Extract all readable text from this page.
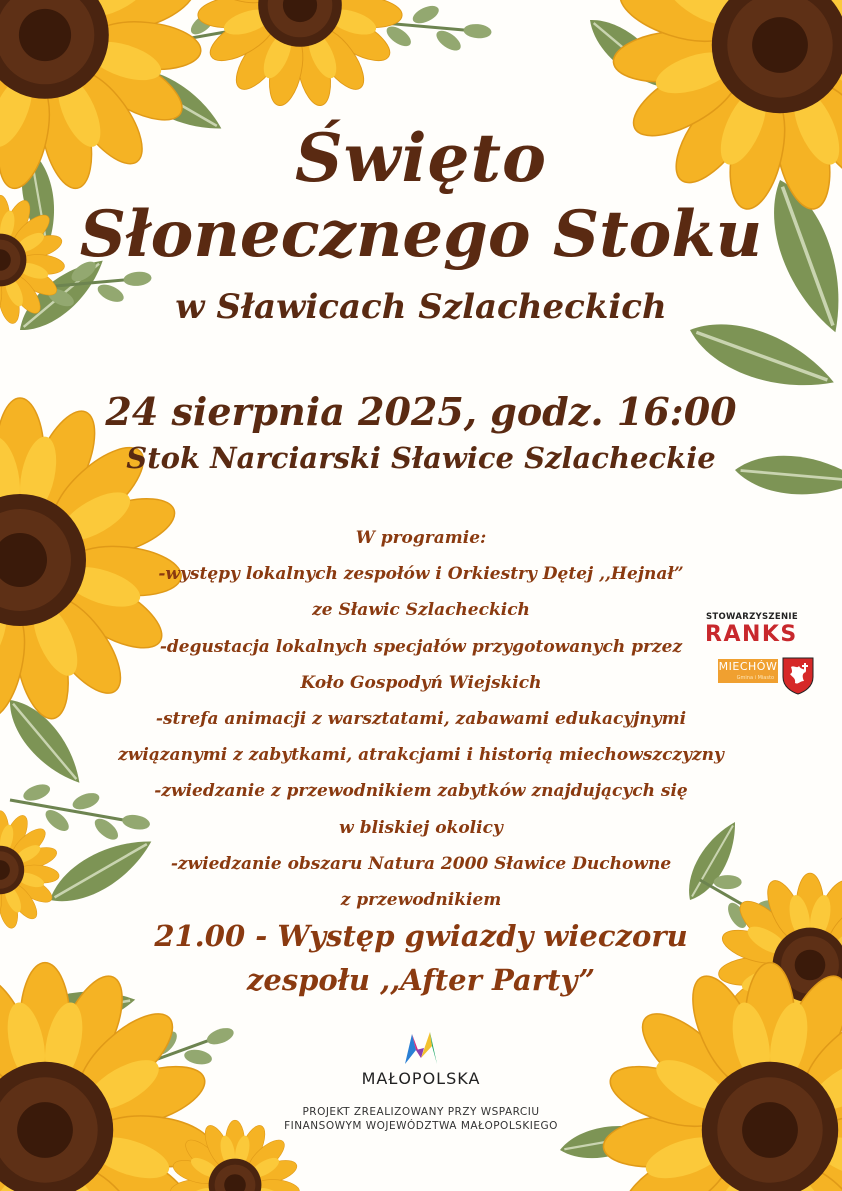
Święto
Słonecznego Stoku
w Sławicach Szlacheckich
24 sierpnia 2025, godz. 16:00
Stok Narciarski Sławice Szlacheckie
W programie:
-występy lokalnych zespołów i Orkiestry Dętej ,,Hejnał”
ze Sławic Szlacheckich
-degustacja lokalnych specjałów przygotowanych przez
Koło Gospodyń Wiejskich
-strefa animacji z warsztatami, zabawami edukacyjnymi
związanymi z zabytkami, atrakcjami i historią miechowszczyzny
-zwiedzanie z przewodnikiem zabytków znajdujących się
w bliskiej okolicy
-zwiedzanie obszaru Natura 2000 Sławice Duchowne
z przewodnikiem
21.00 - Występ gwiazdy wieczoru
zespołu ,,After Party”
STOWARZYSZENIE
RANKS
MIECHÓW
Gmina i Miasto
MAŁOPOLSKA
PROJEKT ZREALIZOWANY PRZY WSPARCIU
FINANSOWYM WOJEWÓDZTWA MAŁOPOLSKIEGO
